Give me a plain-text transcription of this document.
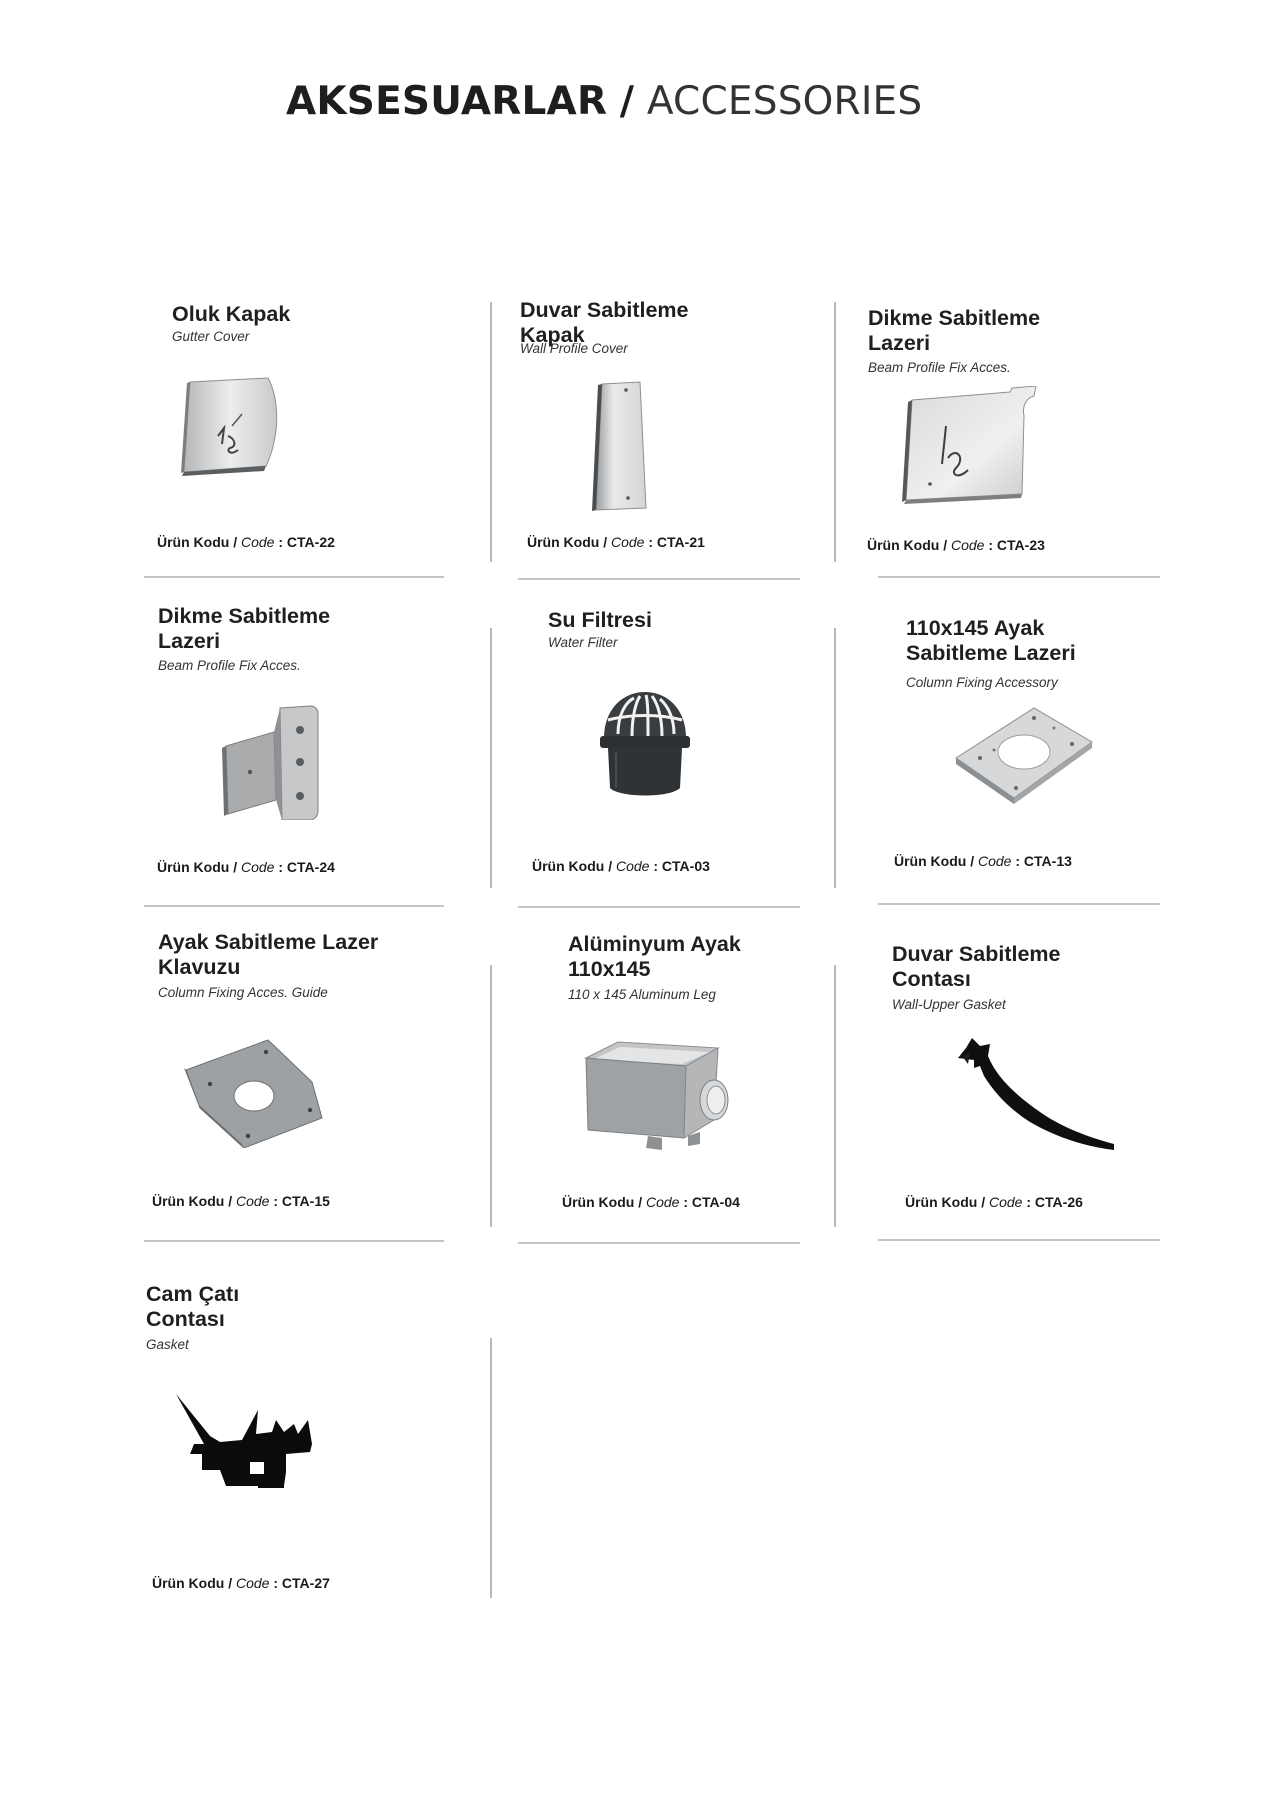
AKSESUARLAR / ACCESSORIES
Oluk Kapak
Gutter Cover
Ürün Kodu / Code : CTA-22
Duvar Sabitleme Kapak
Wall Profile Cover
Ürün Kodu / Code : CTA-21
Dikme Sabitleme Lazeri
Beam Profile Fix Acces.
Ürün Kodu / Code : CTA-23
Dikme Sabitleme Lazeri
Beam Profile Fix Acces.
Ürün Kodu / Code : CTA-24
Su Filtresi
Water Filter
Ürün Kodu / Code : CTA-03
110x145 Ayak Sabitleme Lazeri
Column Fixing Accessory
Ürün Kodu / Code : CTA-13
Ayak Sabitleme Lazer Klavuzu
Column Fixing Acces. Guide
Ürün Kodu / Code : CTA-15
Alüminyum Ayak 110x145
110 x 145 Aluminum Leg
Ürün Kodu / Code : CTA-04
Duvar Sabitleme Contası
Wall-Upper Gasket
Ürün Kodu / Code : CTA-26
Cam Çatı Contası
Gasket
Ürün Kodu / Code : CTA-27
